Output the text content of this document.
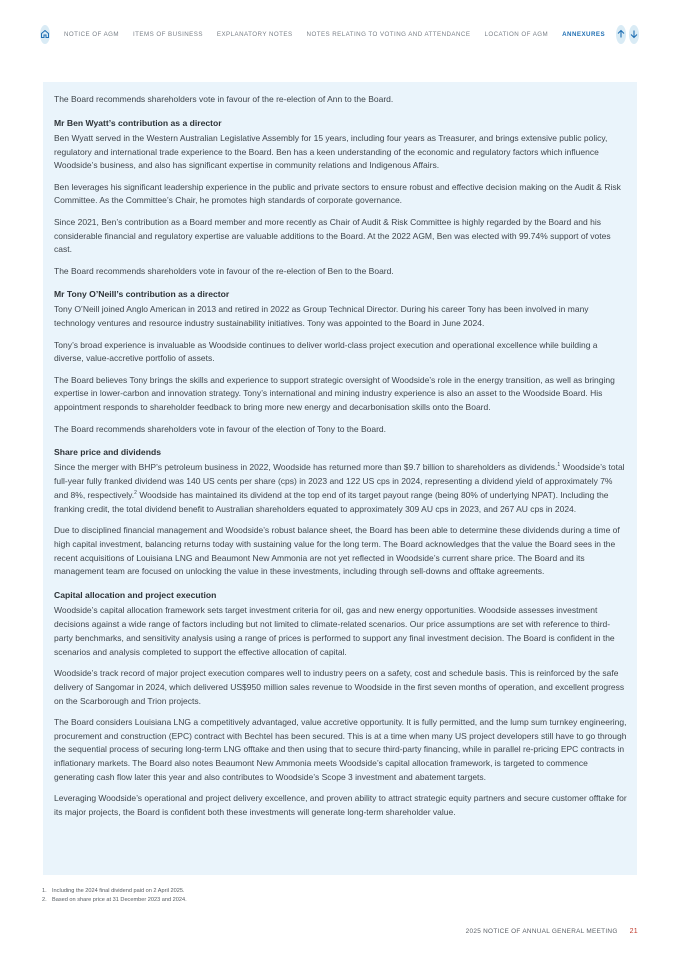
NOTICE OF AGM ITEMS OF BUSINESS EXPLANATORY NOTES NOTES RELATING TO VOTING AND ATTENDANCE LOCATION OF AGM ANNEXURES

The Board recommends shareholders vote in favour of the re-election of Ann to the Board.

Mr Ben Wyatt’s contribution as a director

Ben Wyatt served in the Western Australian Legislative Assembly for 15 years, including four years as Treasurer, and brings extensive public policy, regulatory and international trade experience to the Board. Ben has a keen understanding of the economic and regulatory factors which influence Woodside’s business, and also has significant expertise in community relations and Indigenous Affairs.

Ben leverages his significant leadership experience in the public and private sectors to ensure robust and effective decision making on the Audit & Risk Committee. As the Committee’s Chair, he promotes high standards of corporate governance.

Since 2021, Ben’s contribution as a Board member and more recently as Chair of Audit & Risk Committee is highly regarded by the Board and his considerable financial and regulatory expertise are valuable additions to the Board. At the 2022 AGM, Ben was elected with 99.74% support of votes cast.

The Board recommends shareholders vote in favour of the re-election of Ben to the Board.

Mr Tony O’Neill’s contribution as a director

Tony O’Neill joined Anglo American in 2013 and retired in 2022 as Group Technical Director. During his career Tony has been involved in many technology ventures and resource industry sustainability initiatives. Tony was appointed to the Board in June 2024.

Tony’s broad experience is invaluable as Woodside continues to deliver world-class project execution and operational excellence while building a diverse, value-accretive portfolio of assets.

The Board believes Tony brings the skills and experience to support strategic oversight of Woodside’s role in the energy transition, as well as bringing expertise in lower-carbon and innovation strategy. Tony’s international and mining industry experience is also an asset to the Woodside Board. His appointment responds to shareholder feedback to bring more new energy and decarbonisation skills onto the Board.

The Board recommends shareholders vote in favour of the election of Tony to the Board.

Share price and dividends

Since the merger with BHP’s petroleum business in 2022, Woodside has returned more than $9.7 billion to shareholders as dividends.$^1$ Woodside’s total full-year fully franked dividend was 140 US cents per share (cps) in 2023 and 122 US cps in 2024, representing a dividend yield of approximately 7% and 8%, respectively.$^2$ Woodside has maintained its dividend at the top end of its target payout range (being 80% of underlying NPAT). Including the franking credit, the total dividend benefit to Australian shareholders equated to approximately 309 AU cps in 2023, and 267 AU cps in 2024.

Due to disciplined financial management and Woodside’s robust balance sheet, the Board has been able to determine these dividends during a time of high capital investment, balancing returns today with sustaining value for the long term. The Board acknowledges that the value the Board sees in the recent acquisitions of Louisiana LNG and Beaumont New Ammonia are not yet reflected in Woodside’s current share price. The Board and its management team are focused on unlocking the value in these investments, including through sell-downs and offtake agreements.

Capital allocation and project execution

Woodside’s capital allocation framework sets target investment criteria for oil, gas and new energy opportunities. Woodside assesses investment decisions against a wide range of factors including but not limited to climate-related scenarios. Our price assumptions are set with reference to third-party benchmarks, and sensitivity analysis using a range of prices is performed to support any final investment decision. The Board is confident in the scenarios and analysis completed to support the effective allocation of capital.

Woodside’s track record of major project execution compares well to industry peers on a safety, cost and schedule basis. This is reinforced by the safe delivery of Sangomar in 2024, which delivered US$950 million sales revenue to Woodside in the first seven months of operation, and excellent progress on the Scarborough and Trion projects.

The Board considers Louisiana LNG a competitively advantaged, value accretive opportunity. It is fully permitted, and the lump sum turnkey engineering, procurement and construction (EPC) contract with Bechtel has been secured. This is at a time when many US project developers still have to go through the sequential process of securing long-term LNG offtake and then using that to secure third-party financing, while in parallel re-pricing EPC contracts in inflationary markets. The Board also notes Beaumont New Ammonia meets Woodside’s capital allocation framework, is targeted to commence generating cash flow later this year and also contributes to Woodside’s Scope 3 investment and abatement targets.

Leveraging Woodside’s operational and project delivery excellence, and proven ability to attract strategic equity partners and secure customer offtake for its major projects, the Board is confident both these investments will generate long-term shareholder value.

1. Including the 2024 final dividend paid on 2 April 2025.
2. Based on share price at 31 December 2023 and 2024.
2025 NOTICE OF ANNUAL GENERAL MEETING 21
